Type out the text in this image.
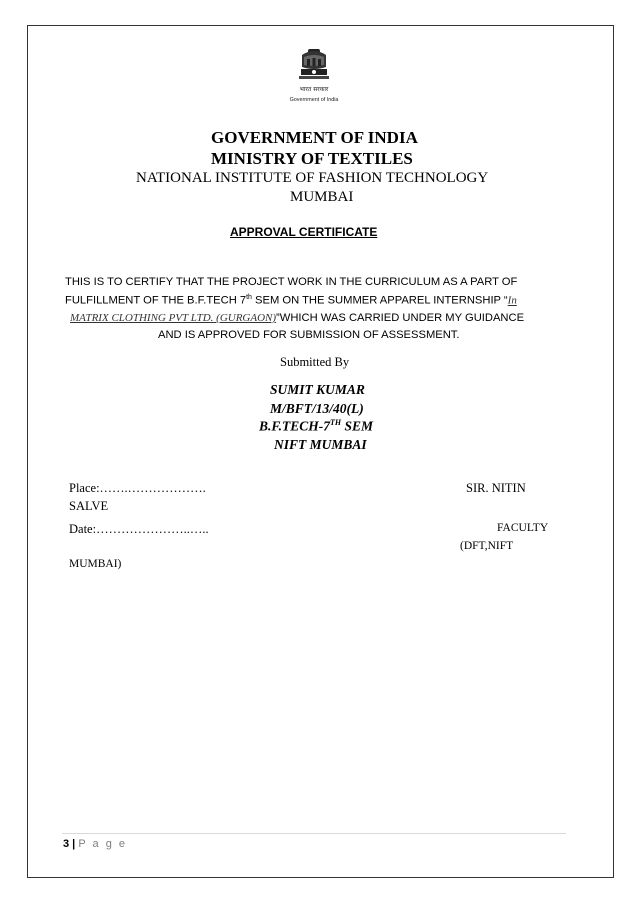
भारत सरकार
Government of India
GOVERNMENT OF INDIA
MINISTRY OF TEXTILES
NATIONAL INSTITUTE OF FASHION TECHNOLOGY
MUMBAI
APPROVAL CERTIFICATE
THIS IS TO CERTIFY THAT THE PROJECT WORK IN THE CURRICULUM AS A PART OF
FULFILLMENT OF THE B.F.TECH 7th SEM ON THE SUMMER APPAREL INTERNSHIP “In
MATRIX CLOTHING PVT LTD. (GURGAON)”WHICH WAS CARRIED UNDER MY GUIDANCE
AND IS APPROVED FOR SUBMISSION OF ASSESSMENT.
Submitted By
SUMIT KUMAR
M/BFT/13/40(L)
B.F.TECH-7TH SEM
NIFT MUMBAI
Place:…….……………….	SIR. NITIN
SALVE
Date:…………………..…..	FACULTY
(DFT,NIFT
MUMBAI)
3 | P a g e
